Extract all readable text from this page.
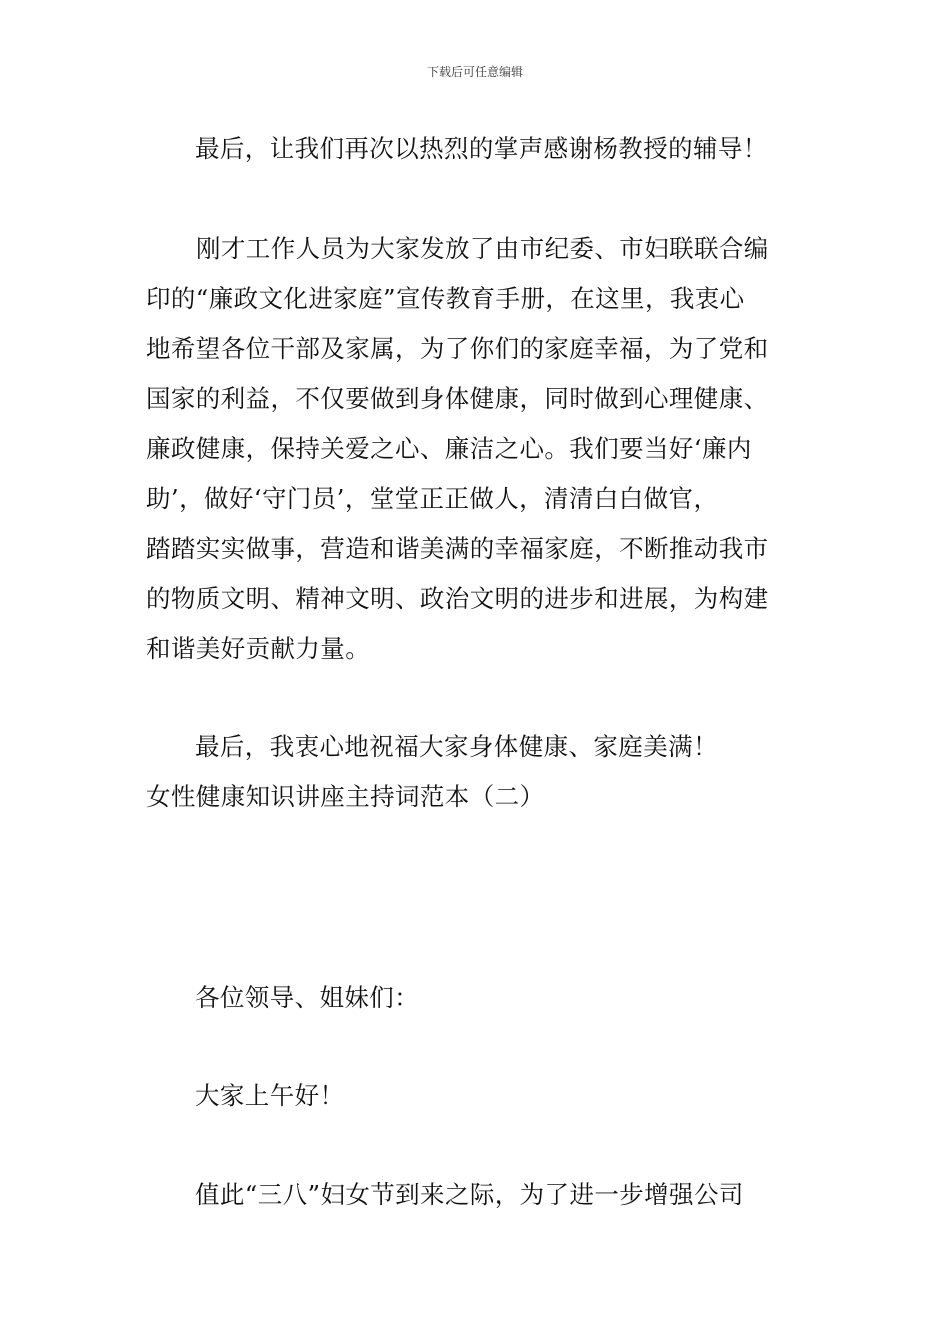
下载后可任意编辑

最后，让我们再次以热烈的掌声感谢杨教授的辅导！

刚才工作人员为大家发放了由市纪委、市妇联联合编
印的“廉政文化进家庭”宣传教育手册，在这里，我衷心
地希望各位干部及家属，为了你们的家庭幸福，为了党和
国家的利益，不仅要做到身体健康，同时做到心理健康、
廉政健康，保持关爱之心、廉洁之心。我们要当好‘廉内
助’，做好‘守门员’，堂堂正正做人，清清白白做官，
踏踏实实做事，营造和谐美满的幸福家庭，不断推动我市
的物质文明、精神文明、政治文明的进步和进展，为构建
和谐美好贡献力量。

最后，我衷心地祝福大家身体健康、家庭美满！

女性健康知识讲座主持词范本（二）

各位领导、姐妹们：

大家上午好！

值此“三八”妇女节到来之际，为了进一步增强公司
